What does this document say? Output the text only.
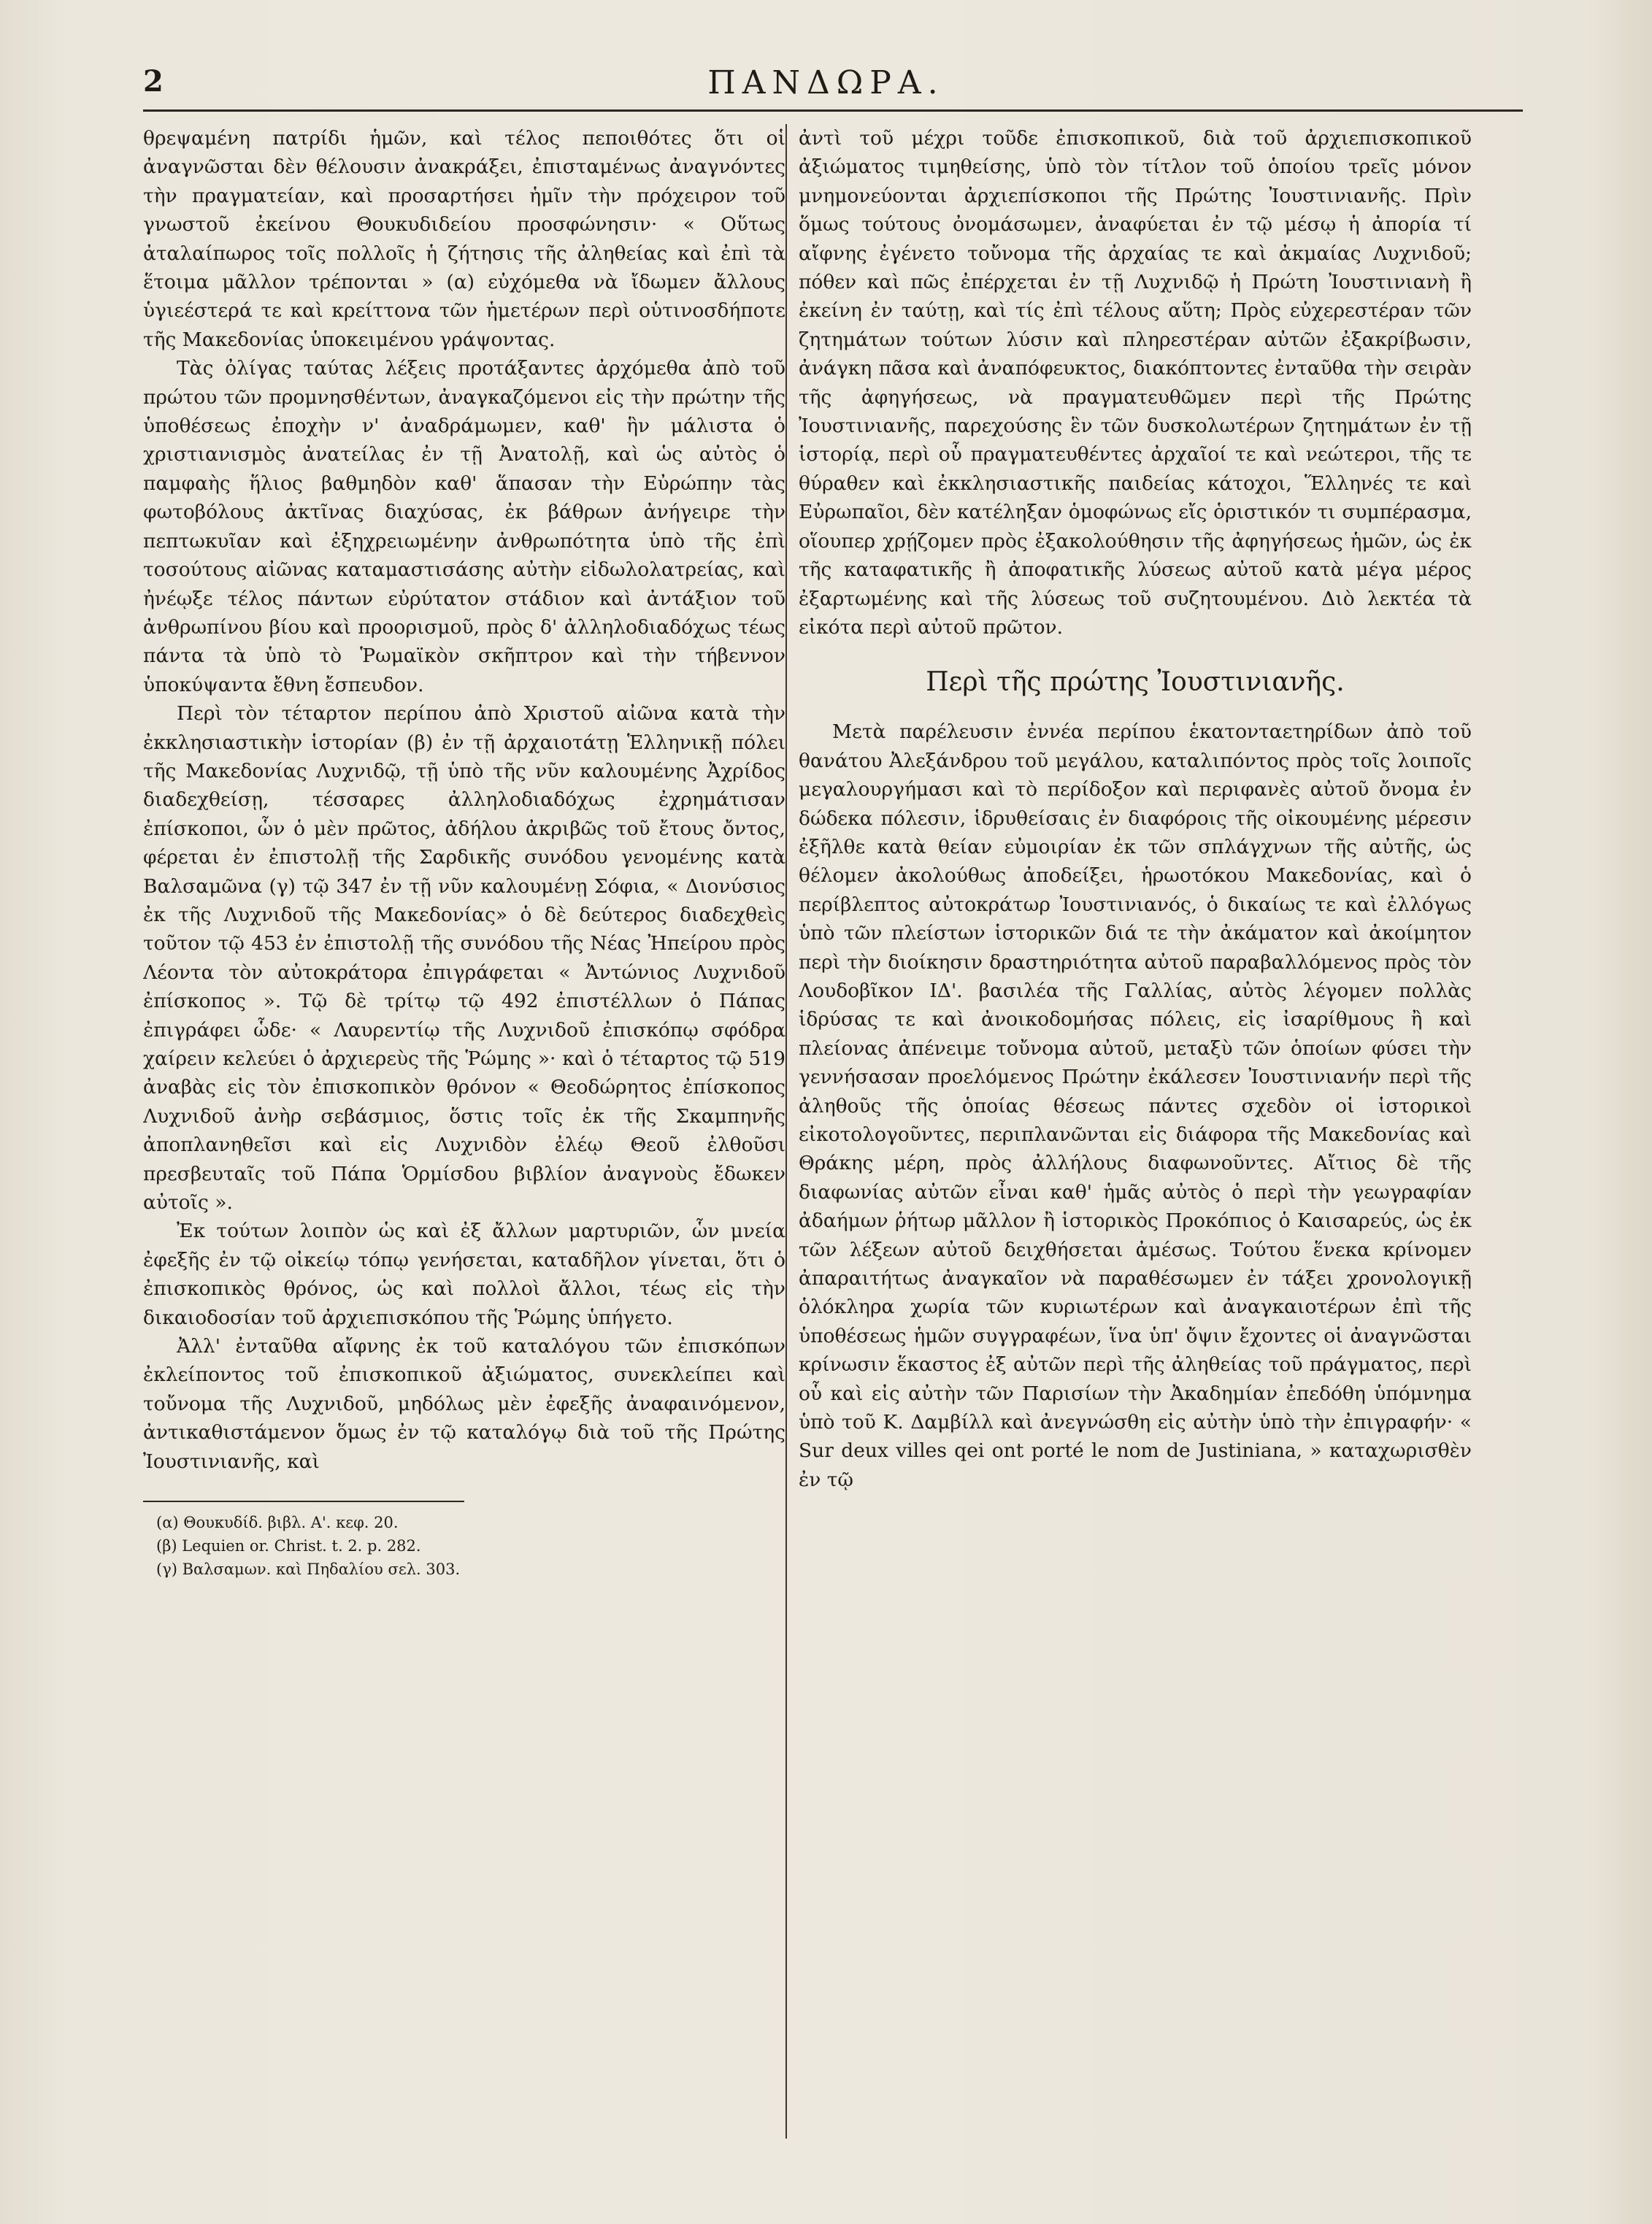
2	ΠΑΝΔΩΡΑ.

θρεψαμένη πατρίδι ἡμῶν, καὶ τέλος πεποιθότες ὅτι οἱ ἀναγνῶσται δὲν θέλουσιν ἀνακράξει, ἐπισταμένως ἀναγνόντες τὴν πραγματείαν, καὶ προσαρτήσει ἡμῖν τὴν πρόχειρον τοῦ γνωστοῦ ἐκείνου Θουκυδιδείου προσφώνησιν· « Οὕτως ἀταλαίπωρος τοῖς πολλοῖς ἡ ζήτησις τῆς ἀληθείας καὶ ἐπὶ τὰ ἕτοιμα μᾶλλον τρέπονται » (α) εὐχόμεθα νὰ ἴδωμεν ἄλλους ὑγιεέστερά τε καὶ κρείττονα τῶν ἡμετέρων περὶ οὑτινοσδήποτε τῆς Μακεδονίας ὑποκειμένου γράψοντας.

Τὰς ὀλίγας ταύτας λέξεις προτάξαντες ἀρχόμεθα ἀπὸ τοῦ πρώτου τῶν προμνησθέντων, ἀναγκαζόμενοι εἰς τὴν πρώτην τῆς ὑποθέσεως ἐποχὴν ν' ἀναδράμωμεν, καθ' ἣν μάλιστα ὁ χριστιανισμὸς ἀνατείλας ἐν τῇ Ἀνατολῇ, καὶ ὡς αὐτὸς ὁ παμφαὴς ἥλιος βαθμηδὸν καθ' ἅπασαν τὴν Εὐρώπην τὰς φωτοβόλους ἀκτῖνας διαχύσας, ἐκ βάθρων ἀνήγειρε τὴν πεπτωκυῖαν καὶ ἐξηχρειωμένην ἀνθρωπότητα ὑπὸ τῆς ἐπὶ τοσούτους αἰῶνας καταμαστισάσης αὐτὴν εἰδωλολατρείας, καὶ ἠνέῳξε τέλος πάντων εὐρύτατον στάδιον καὶ ἀντάξιον τοῦ ἀνθρωπίνου βίου καὶ προορισμοῦ, πρὸς δ' ἀλληλοδιαδόχως τέως πάντα τὰ ὑπὸ τὸ Ῥωμαϊκὸν σκῆπτρον καὶ τὴν τήβεννον ὑποκύψαντα ἔθνη ἔσπευδον.

Περὶ τὸν τέταρτον περίπου ἀπὸ Χριστοῦ αἰῶνα κατὰ τὴν ἐκκλησιαστικὴν ἱστορίαν (β) ἐν τῇ ἀρχαιοτάτῃ Ἑλληνικῇ πόλει τῆς Μακεδονίας Λυχνιδῷ, τῇ ὑπὸ τῆς νῦν καλουμένης Ἀχρίδος διαδεχθείσῃ, τέσσαρες ἀλληλοδιαδόχως ἐχρημάτισαν ἐπίσκοποι, ὧν ὁ μὲν πρῶτος, ἀδήλου ἀκριβῶς τοῦ ἔτους ὄντος, φέρεται ἐν ἐπιστολῇ τῆς Σαρδικῆς συνόδου γενομένης κατὰ Βαλσαμῶνα (γ) τῷ 347 ἐν τῇ νῦν καλουμένῃ Σόφια, « Διονύσιος ἐκ τῆς Λυχνιδοῦ τῆς Μακεδονίας» ὁ δὲ δεύτερος διαδεχθεὶς τοῦτον τῷ 453 ἐν ἐπιστολῇ τῆς συνόδου τῆς Νέας Ἠπείρου πρὸς Λέοντα τὸν αὐτοκράτορα ἐπιγράφεται « Ἀντώνιος Λυχνιδοῦ ἐπίσκοπος ». Τῷ δὲ τρίτῳ τῷ 492 ἐπιστέλλων ὁ Πάπας ἐπιγράφει ὧδε· « Λαυρεντίῳ τῆς Λυχνιδοῦ ἐπισκόπῳ σφόδρα χαίρειν κελεύει ὁ ἀρχιερεὺς τῆς Ῥώμης »· καὶ ὁ τέταρτος τῷ 519 ἀναβὰς εἰς τὸν ἐπισκοπικὸν θρόνον « Θεοδώρητος ἐπίσκοπος Λυχνιδοῦ ἀνὴρ σεβάσμιος, ὅστις τοῖς ἐκ τῆς Σκαμπηνῆς ἀποπλανηθεῖσι καὶ εἰς Λυχνιδὸν ἐλέῳ Θεοῦ ἐλθοῦσι πρεσβευταῖς τοῦ Πάπα Ὁρμίσδου βιβλίον ἀναγνοὺς ἔδωκεν αὐτοῖς ».

Ἐκ τούτων λοιπὸν ὡς καὶ ἐξ ἄλλων μαρτυριῶν, ὧν μνεία ἐφεξῆς ἐν τῷ οἰκείῳ τόπῳ γενήσεται, καταδῆλον γίνεται, ὅτι ὁ ἐπισκοπικὸς θρόνος, ὡς καὶ πολλοὶ ἄλλοι, τέως εἰς τὴν δικαιοδοσίαν τοῦ ἀρχιεπισκόπου τῆς Ῥώμης ὑπήγετο.

Ἀλλ' ἐνταῦθα αἴφνης ἐκ τοῦ καταλόγου τῶν ἐπισκόπων ἐκλείποντος τοῦ ἐπισκοπικοῦ ἀξιώματος, συνεκλείπει καὶ τοὔνομα τῆς Λυχνιδοῦ, μηδόλως μὲν ἐφεξῆς ἀναφαινόμενον, ἀντικαθιστάμενον ὅμως ἐν τῷ καταλόγῳ διὰ τοῦ τῆς Πρώτης Ἰουστινιανῆς, καὶ

(α) Θουκυδίδ. βιβλ. Α'. κεφ. 20.

(β) Lequien or. Christ. t. 2. p. 282.

(γ) Βαλσαμων. καὶ Πηδαλίου σελ. 303.

ἀντὶ τοῦ μέχρι τοῦδε ἐπισκοπικοῦ, διὰ τοῦ ἀρχιεπισκοπικοῦ ἀξιώματος τιμηθείσης, ὑπὸ τὸν τίτλον τοῦ ὁποίου τρεῖς μόνον μνημονεύονται ἀρχιεπίσκοποι τῆς Πρώτης Ἰουστινιανῆς. Πρὶν ὅμως τούτους ὀνομάσωμεν, ἀναφύεται ἐν τῷ μέσῳ ἡ ἀπορία τί αἴφνης ἐγένετο τοὔνομα τῆς ἀρχαίας τε καὶ ἀκμαίας Λυχνιδοῦ; πόθεν καὶ πῶς ἐπέρχεται ἐν τῇ Λυχνιδῷ ἡ Πρώτη Ἰουστινιανὴ ἢ ἐκείνη ἐν ταύτῃ, καὶ τίς ἐπὶ τέλους αὕτη; Πρὸς εὐχερεστέραν τῶν ζητημάτων τούτων λύσιν καὶ πληρεστέραν αὐτῶν ἐξακρίβωσιν, ἀνάγκη πᾶσα καὶ ἀναπόφευκτος, διακόπτοντες ἐνταῦθα τὴν σειρὰν τῆς ἀφηγήσεως, νὰ πραγματευθῶμεν περὶ τῆς Πρώτης Ἰουστινιανῆς, παρεχούσης ἓν τῶν δυσκολωτέρων ζητημάτων ἐν τῇ ἱστορίᾳ, περὶ οὗ πραγματευθέντες ἀρχαῖοί τε καὶ νεώτεροι, τῆς τε θύραθεν καὶ ἐκκλησιαστικῆς παιδείας κάτοχοι, Ἕλληνές τε καὶ Εὐρωπαῖοι, δὲν κατέληξαν ὁμοφώνως εἴς ὁριστικόν τι συμπέρασμα, οἵουπερ χρῄζομεν πρὸς ἐξακολούθησιν τῆς ἀφηγήσεως ἡμῶν, ὡς ἐκ τῆς καταφατικῆς ἢ ἀποφατικῆς λύσεως αὐτοῦ κατὰ μέγα μέρος ἐξαρτωμένης καὶ τῆς λύσεως τοῦ συζητουμένου. Διὸ λεκτέα τὰ εἰκότα περὶ αὐτοῦ πρῶτον.

Περὶ τῆς πρώτης Ἰουστινιανῆς.

Μετὰ παρέλευσιν ἐννέα περίπου ἑκατονταετηρίδων ἀπὸ τοῦ θανάτου Ἀλεξάνδρου τοῦ μεγάλου, καταλιπόντος πρὸς τοῖς λοιποῖς μεγαλουργήμασι καὶ τὸ περίδοξον καὶ περιφανὲς αὐτοῦ ὄνομα ἐν δώδεκα πόλεσιν, ἱδρυθείσαις ἐν διαφόροις τῆς οἰκουμένης μέρεσιν ἐξῆλθε κατὰ θείαν εὐμοιρίαν ἐκ τῶν σπλάγχνων τῆς αὐτῆς, ὡς θέλομεν ἀκολούθως ἀποδείξει, ἡρωοτόκου Μακεδονίας, καὶ ὁ περίβλεπτος αὐτοκράτωρ Ἰουστινιανός, ὁ δικαίως τε καὶ ἐλλόγως ὑπὸ τῶν πλείστων ἱστορικῶν διά τε τὴν ἀκάματον καὶ ἀκοίμητον περὶ τὴν διοίκησιν δραστηριότητα αὐτοῦ παραβαλλόμενος πρὸς τὸν Λουδοβῖκον ΙΔ'. βασιλέα τῆς Γαλλίας, αὐτὸς λέγομεν πολλὰς ἱδρύσας τε καὶ ἀνοικοδομήσας πόλεις, εἰς ἰσαρίθμους ἢ καὶ πλείονας ἀπένειμε τοὔνομα αὐτοῦ, μεταξὺ τῶν ὁποίων φύσει τὴν γεννήσασαν προελόμενος Πρώτην ἐκάλεσεν Ἰουστινιανήν περὶ τῆς ἀληθοῦς τῆς ὁποίας θέσεως πάντες σχεδὸν οἱ ἱστορικοὶ εἰκοτολογοῦντες, περιπλανῶνται εἰς διάφορα τῆς Μακεδονίας καὶ Θράκης μέρη, πρὸς ἀλλήλους διαφωνοῦντες. Αἴτιος δὲ τῆς διαφωνίας αὐτῶν εἶναι καθ' ἡμᾶς αὐτὸς ὁ περὶ τὴν γεωγραφίαν ἀδαήμων ῥήτωρ μᾶλλον ἢ ἱστορικὸς Προκόπιος ὁ Καισαρεύς, ὡς ἐκ τῶν λέξεων αὐτοῦ δειχθήσεται ἀμέσως. Τούτου ἕνεκα κρίνομεν ἀπαραιτήτως ἀναγκαῖον νὰ παραθέσωμεν ἐν τάξει χρονολογικῇ ὁλόκληρα χωρία τῶν κυριωτέρων καὶ ἀναγκαιοτέρων ἐπὶ τῆς ὑποθέσεως ἡμῶν συγγραφέων, ἵνα ὑπ' ὄψιν ἔχοντες οἱ ἀναγνῶσται κρίνωσιν ἕκαστος ἐξ αὐτῶν περὶ τῆς ἀληθείας τοῦ πράγματος, περὶ οὗ καὶ εἰς αὐτὴν τῶν Παρισίων τὴν Ἀκαδημίαν ἐπεδόθη ὑπόμνημα ὑπὸ τοῦ Κ. Δαμβίλλ καὶ ἀνεγνώσθη εἰς αὐτὴν ὑπὸ τὴν ἐπιγραφήν· « Sur deux villes qei ont porté le nom de Justiniana, » καταχωρισθὲν ἐν τῷ
